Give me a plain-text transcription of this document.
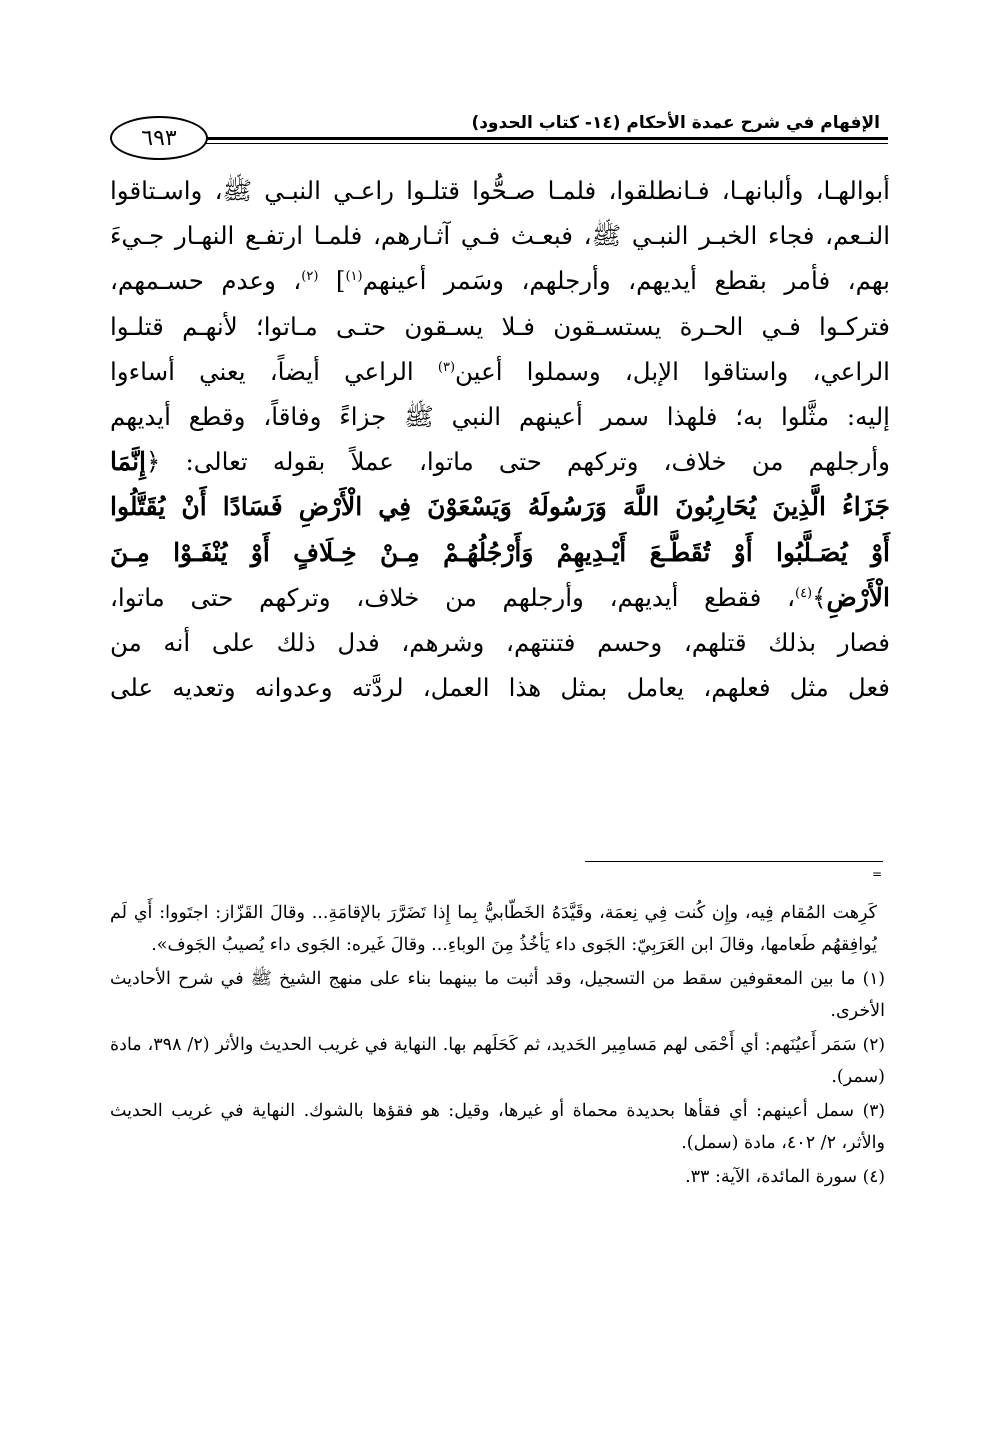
الإفهام في شرح عمدة الأحكام (١٤- كتاب الحدود)
٦٩٣
أبوالهـا، وألبانهـا، فـانطلقوا، فلمـا صـحُّوا قتلـوا راعـي النبـي ﷺ، واسـتاقوا
النـعم، فجاء الخبـر النبـي ﷺ، فبعـث فـي آثـارهم، فلمـا ارتفـع النهـار جـيءَ
بهم، فأمر بقطع أيديهم، وأرجلهم، وسَمر أعينهم$^{(١)}$] $^{(٢)}$، وعدم حسـمهم،
فتركـوا فـي الحـرة يستسـقون فـلا يسـقون حتـى مـاتوا؛ لأنهـم قتلـوا
الراعي، واستاقوا الإبل، وسملوا أعين$^{(٣)}$ الراعي أيضاً، يعني أساءوا
إليه: مثَّلوا به؛ فلهذا سمر أعينهم النبي ﷺ جزاءً وفاقاً، وقطع أيديهم
وأرجلهم من خلاف، وتركهم حتى ماتوا، عملاً بقوله تعالى: ﴿إِنَّمَا
جَزَاءُ الَّذِينَ يُحَارِبُونَ اللَّهَ وَرَسُولَهُ وَيَسْعَوْنَ فِي الْأَرْضِ فَسَادًا أَنْ يُقَتَّلُوا
أَوْ يُصَـلَّبُوا أَوْ تُقَطَّـعَ أَيْـدِيهِمْ وَأَرْجُلُهُـمْ مِـنْ خِـلَافٍ أَوْ يُنْفَـوْا مِـنَ
الْأَرْضِ﴾$^{(٤)}$، فقطع أيديهم، وأرجلهم من خلاف، وتركهم حتى ماتوا،
فصار بذلك قتلهم، وحسم فتنتهم، وشرهم، فدل ذلك على أنه من
فعل مثل فعلهم، يعامل بمثل هذا العمل، لردَّته وعدوانه وتعديه على
=

كَرِهت المُقام فِيه، وإِن كُنت فِي نِعمَة، وقَيَّدَهُ الخَطّابيُّ بِما إِذا تَضَرَّرَ بالإقامَةِ... وقالَ القَزّاز: اجتَووا: أَي لَم يُوافِقهُم طَعامها، وقالَ ابن العَرَبِيّ: الجَوى داء يَأخُذُ مِنَ الوباءِ... وقالَ غَيره: الجَوى داء يُصيبُ الجَوف».

(١) ما بين المعقوفين سقط من التسجيل، وقد أثبت ما بينهما بناء على منهج الشيخ ﷺ في شرح الأحاديث الأخرى.

(٢) سَمَر أَعيُنَهم: أي أَحْمَى لهم مَسامِير الحَديد، ثم كَحَلَهم بها. النهاية في غريب الحديث والأثر (٢/ ٣٩٨، مادة (سمر).

(٣) سمل أعينهم: أي فقأها بحديدة محماة أو غيرها، وقيل: هو فقؤها بالشوك. النهاية في غريب الحديث والأثر، ٢/ ٤٠٢، مادة (سمل).

(٤) سورة المائدة، الآية: ٣٣.
